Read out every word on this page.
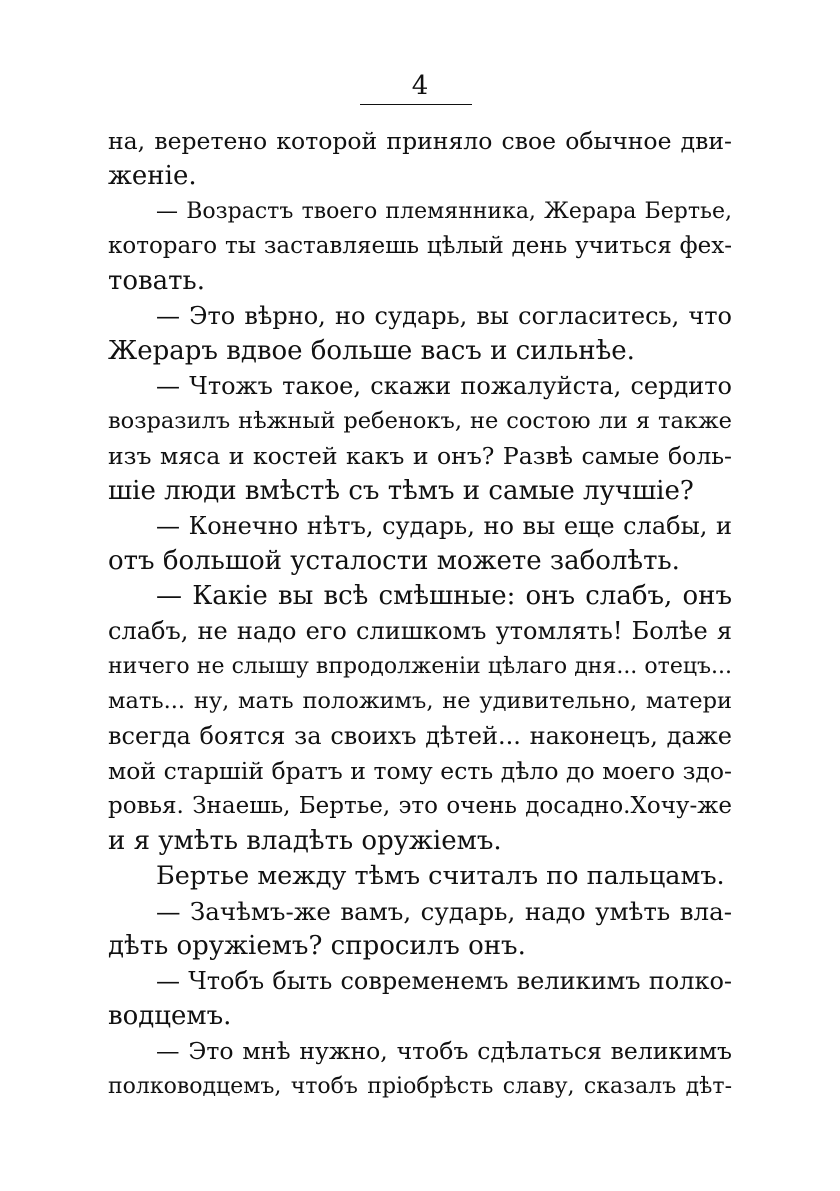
4
на, веретено которой приняло свое обычное дви-
женіе.
— Возрастъ твоего племянника, Жерара Бертье,
котораго ты заставляешь цѣлый день учиться фех-
товать.
— Это вѣрно, но сударь, вы согласитесь, что
Жераръ вдвое больше васъ и сильнѣе.
— Чтожъ такое, скажи пожалуйста, сердито
возразилъ нѣжный ребенокъ, не состою ли я также
изъ мяса и костей какъ и онъ? Развѣ самые боль-
шіе люди вмѣстѣ съ тѣмъ и самые лучшіе?
— Конечно нѣтъ, сударь, но вы еще слабы, и
отъ большой усталости можете заболѣть.
— Какіе вы всѣ смѣшные: онъ слабъ, онъ
слабъ, не надо его слишкомъ утомлять! Болѣе я
ничего не слышу впродолженіи цѣлаго дня... отецъ...
мать... ну, мать положимъ, не удивительно, матери
всегда боятся за своихъ дѣтей... наконецъ, даже
мой старшій братъ и тому есть дѣло до моего здо-
ровья. Знаешь, Бертье, это очень досадно.Хочу-же
и я умѣть владѣть оружіемъ.
Бертье между тѣмъ считалъ по пальцамъ.
— Зачѣмъ-же вамъ, сударь, надо умѣть вла-
дѣть оружіемъ? спросилъ онъ.
— Чтобъ быть современемъ великимъ полко-
водцемъ.
— Это мнѣ нужно, чтобъ сдѣлаться великимъ
полководцемъ, чтобъ пріобрѣсть славу, сказалъ дѣт-
